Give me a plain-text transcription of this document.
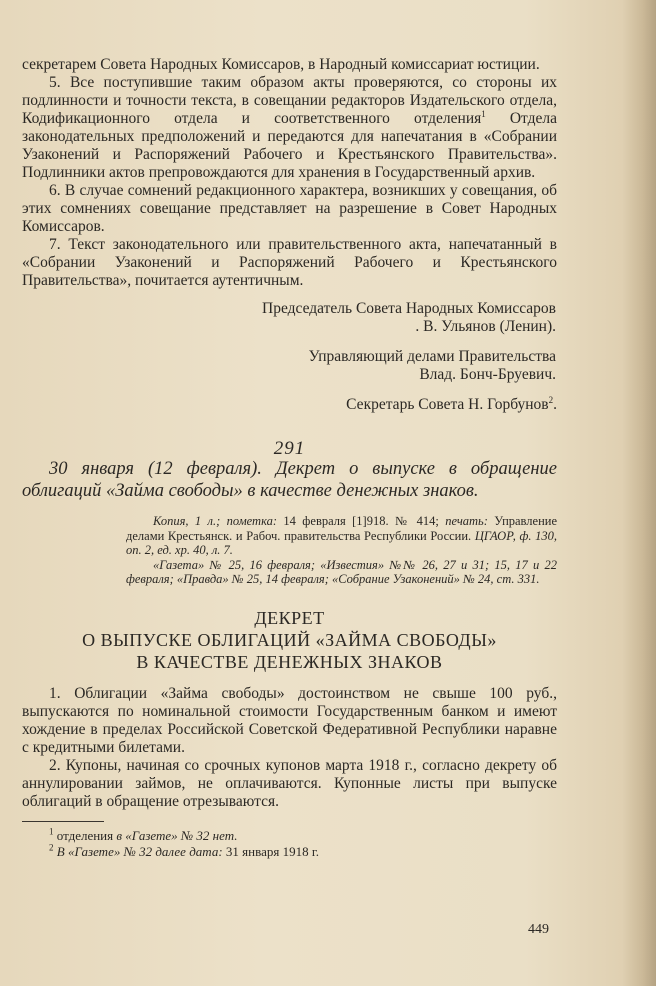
секретарем Совета Народных Комиссаров, в Народный комиссариат юстиции.

5. Все поступившие таким образом акты проверяются, со стороны их подлинности и точности текста, в совещании редакторов Издательского отдела, Кодификационного отдела и соответственного отделения$^1$ Отдела законодательных предположений и передаются для напечатания в «Собрании Узаконений и Распоряжений Рабочего и Крестьянского Правительства». Подлинники актов препровождаются для хранения в Государственный архив.

6. В случае сомнений редакционного характера, возникших у совещания, об этих сомнениях совещание представляет на разрешение в Совет Народных Комиссаров.

7. Текст законодательного или правительственного акта, напечатанный в «Собрании Узаконений и Распоряжений Рабочего и Крестьянского Правительства», почитается аутентичным.

Председатель Совета Народных Комиссаров

. В. Ульянов (Ленин).

Управляющий делами Правительства

Влад. Бонч-Бруевич.

Секретарь Совета Н. Горбунов$^2$.

291

30 января (12 февраля). Декрет о выпуске в обращение облигаций «Займа свободы» в качестве денежных знаков.

Копия, 1 л.; пометка: 14 февраля [1]918. № 414; печать: Управление делами Крестьянск. и Рабоч. правительства Республики России. ЦГАОР, ф. 130, оп. 2, ед. хр. 40, л. 7.

«Газета» № 25, 16 февраля; «Известия» №№ 26, 27 и 31; 15, 17 и 22 февраля; «Правда» № 25, 14 февраля; «Собрание Узаконений» № 24, ст. 331.

ДЕКРЕТ
О ВЫПУСКЕ ОБЛИГАЦИЙ «ЗАЙМА СВОБОДЫ»
В КАЧЕСТВЕ ДЕНЕЖНЫХ ЗНАКОВ

1. Облигации «Займа свободы» достоинством не свыше 100 руб., выпускаются по номинальной стоимости Государственным банком и имеют хождение в пределах Российской Советской Федеративной Республики наравне с кредитными билетами.

2. Купоны, начиная со срочных купонов марта 1918 г., согласно декрету об аннулировании займов, не оплачиваются. Купонные листы при выпуске облигаций в обращение отрезываются.

$^1$ отделения в «Газете» № 32 нет.

$^2$ В «Газете» № 32 далее дата: 31 января 1918 г.

449
